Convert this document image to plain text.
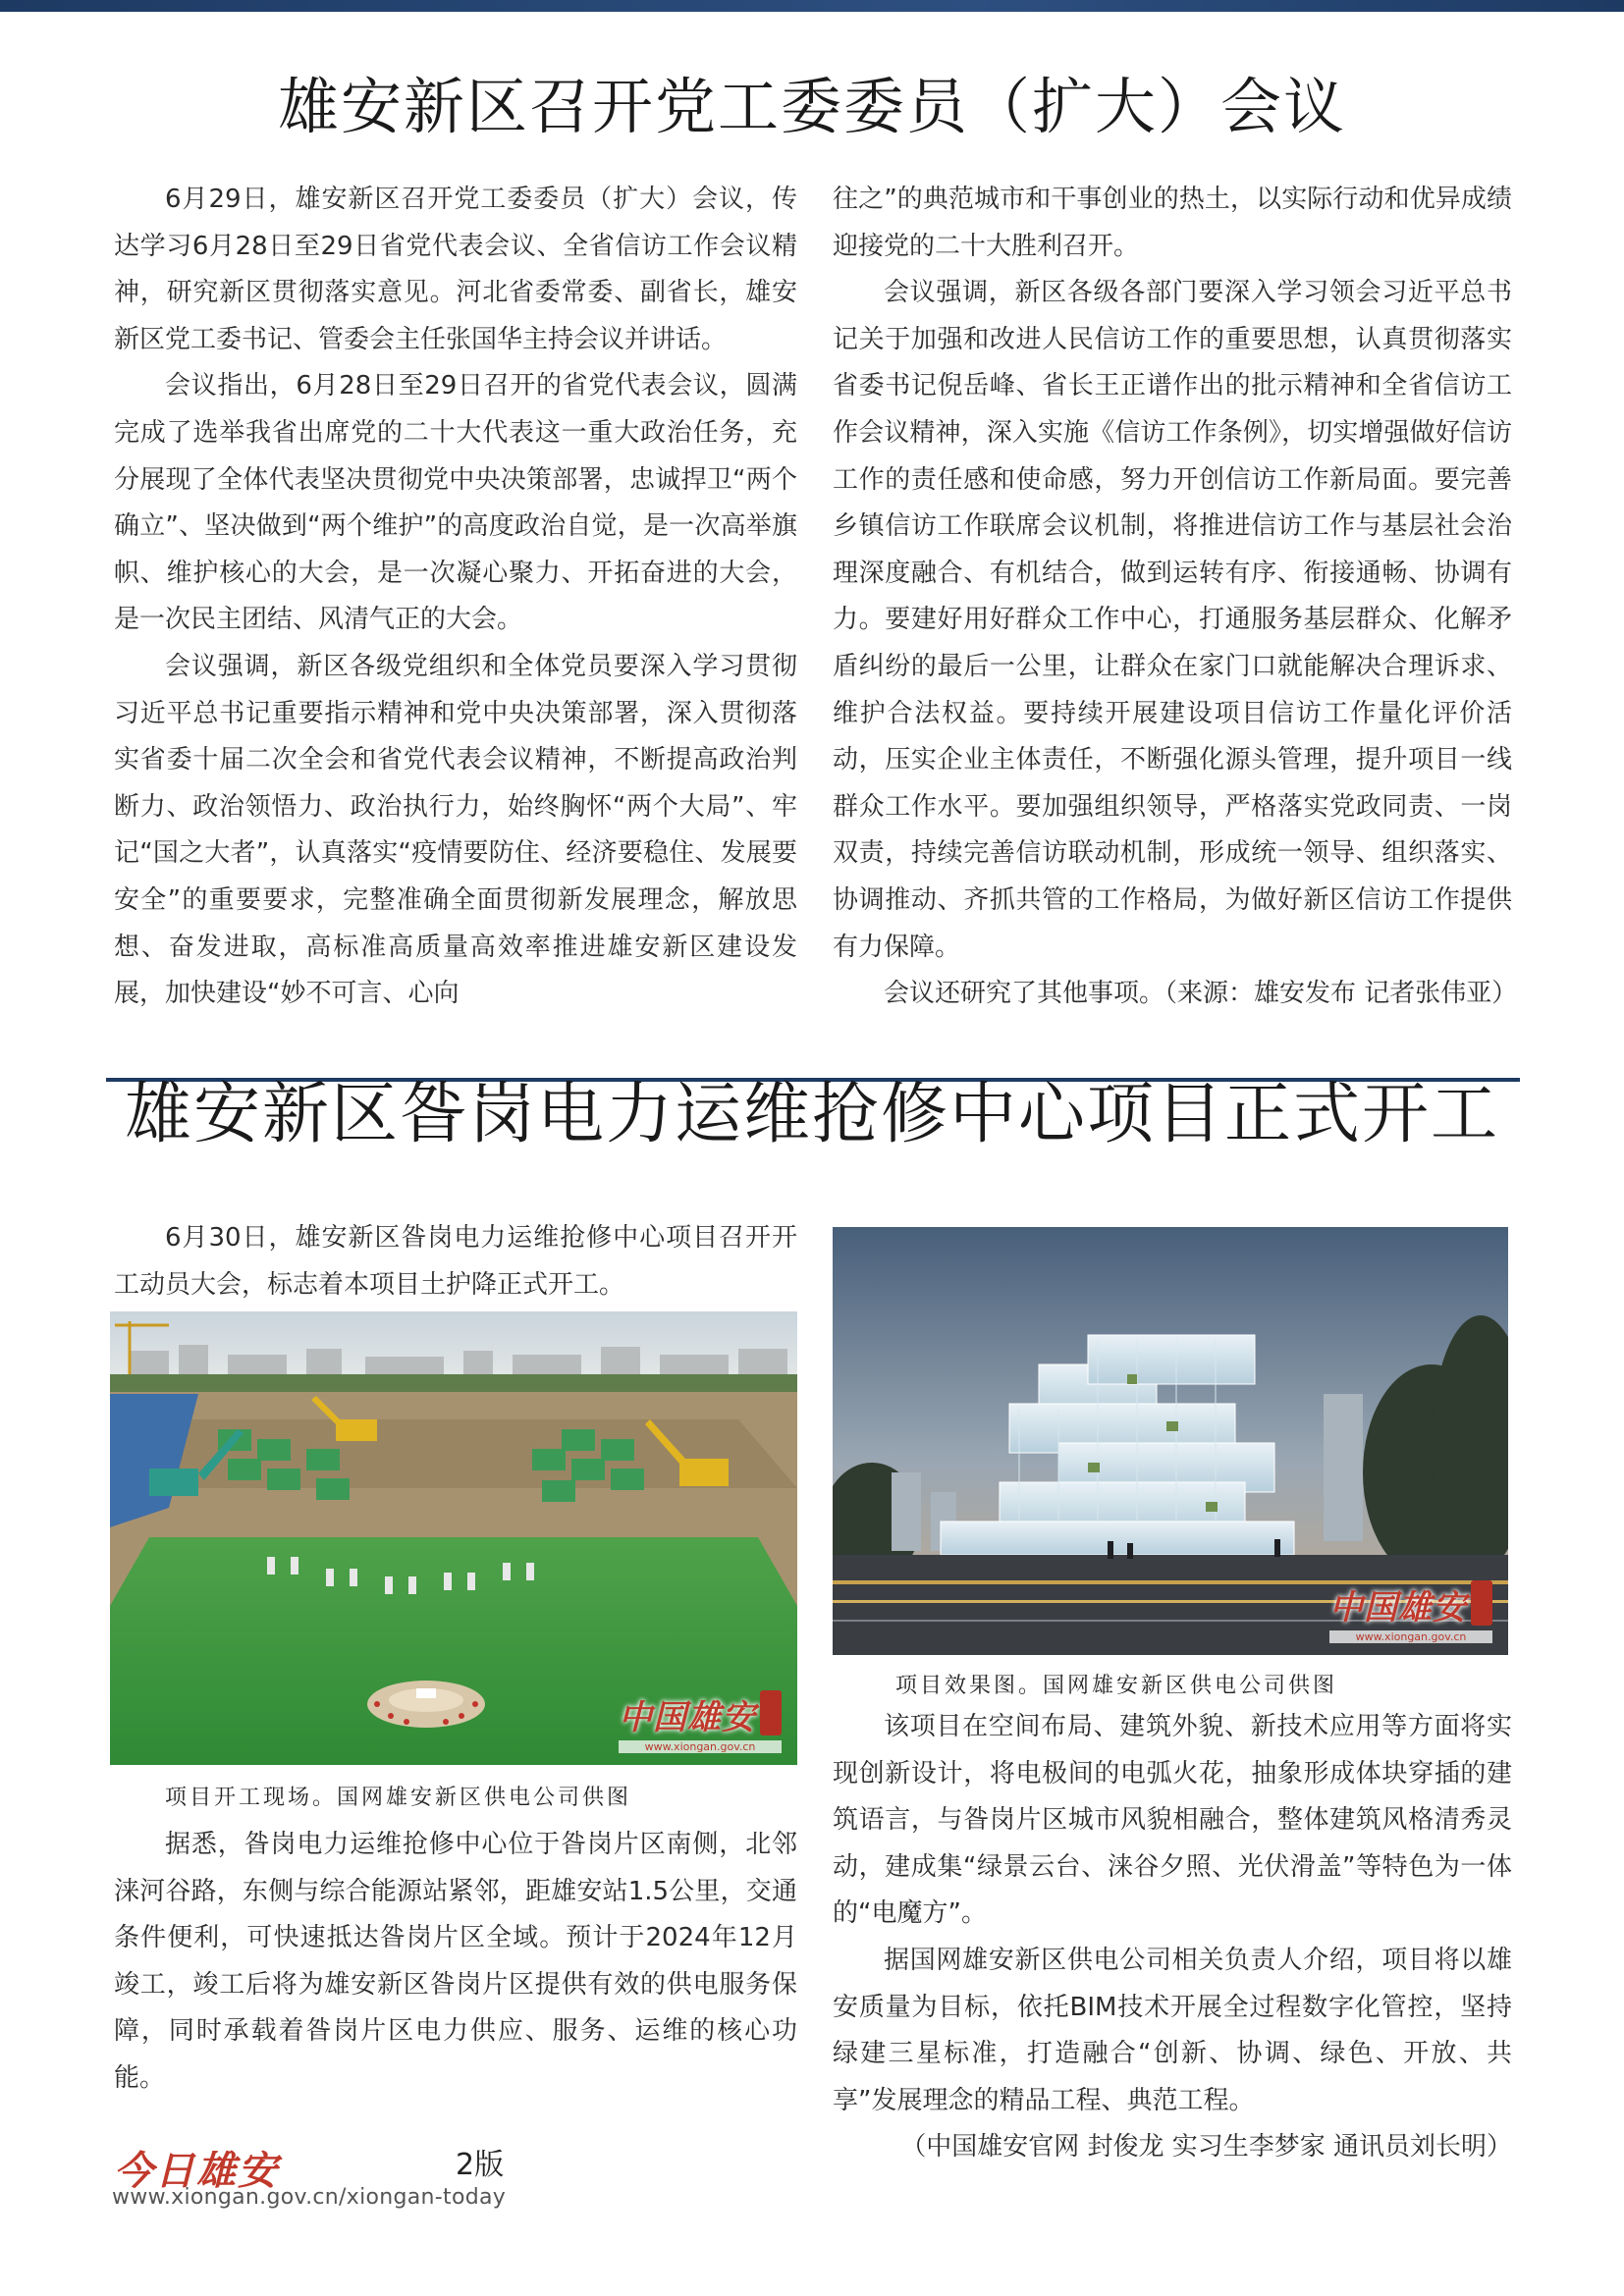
雄安新区召开党工委委员（扩大）会议

6月29日，雄安新区召开党工委委员（扩大）会议，传达学习6月28日至29日省党代表会议、全省信访工作会议精神，研究新区贯彻落实意见。河北省委常委、副省长，雄安新区党工委书记、管委会主任张国华主持会议并讲话。

会议指出，6月28日至29日召开的省党代表会议，圆满完成了选举我省出席党的二十大代表这一重大政治任务，充分展现了全体代表坚决贯彻党中央决策部署，忠诚捍卫“两个确立”、坚决做到“两个维护”的高度政治自觉，是一次高举旗帜、维护核心的大会，是一次凝心聚力、开拓奋进的大会，是一次民主团结、风清气正的大会。

会议强调，新区各级党组织和全体党员要深入学习贯彻习近平总书记重要指示精神和党中央决策部署，深入贯彻落实省委十届二次全会和省党代表会议精神，不断提高政治判断力、政治领悟力、政治执行力，始终胸怀“两个大局”、牢记“国之大者”，认真落实“疫情要防住、经济要稳住、发展要安全”的重要要求，完整准确全面贯彻新发展理念，解放思想、奋发进取，高标准高质量高效率推进雄安新区建设发展，加快建设“妙不可言、心向

往之”的典范城市和干事创业的热土，以实际行动和优异成绩迎接党的二十大胜利召开。

会议强调，新区各级各部门要深入学习领会习近平总书记关于加强和改进人民信访工作的重要思想，认真贯彻落实省委书记倪岳峰、省长王正谱作出的批示精神和全省信访工作会议精神，深入实施《信访工作条例》，切实增强做好信访工作的责任感和使命感，努力开创信访工作新局面。要完善乡镇信访工作联席会议机制，将推进信访工作与基层社会治理深度融合、有机结合，做到运转有序、衔接通畅、协调有力。要建好用好群众工作中心，打通服务基层群众、化解矛盾纠纷的最后一公里，让群众在家门口就能解决合理诉求、维护合法权益。要持续开展建设项目信访工作量化评价活动，压实企业主体责任，不断强化源头管理，提升项目一线群众工作水平。要加强组织领导，严格落实党政同责、一岗双责，持续完善信访联动机制，形成统一领导、组织落实、协调推动、齐抓共管的工作格局，为做好新区信访工作提供有力保障。

会议还研究了其他事项。（来源：雄安发布 记者张伟亚）

雄安新区昝岗电力运维抢修中心项目正式开工

6月30日，雄安新区昝岗电力运维抢修中心项目召开开工动员大会，标志着本项目土护降正式开工。

中国雄安
www.xiongan.gov.cn
项目开工现场。国网雄安新区供电公司供图
中国雄安
www.xiongan.gov.cn
项目效果图。国网雄安新区供电公司供图

据悉，昝岗电力运维抢修中心位于昝岗片区南侧，北邻涞河谷路，东侧与综合能源站紧邻，距雄安站1.5公里，交通条件便利，可快速抵达昝岗片区全域。预计于2024年12月竣工，竣工后将为雄安新区昝岗片区提供有效的供电服务保障，同时承载着昝岗片区电力供应、服务、运维的核心功能。

该项目在空间布局、建筑外貌、新技术应用等方面将实现创新设计，将电极间的电弧火花，抽象形成体块穿插的建筑语言，与昝岗片区城市风貌相融合，整体建筑风格清秀灵动，建成集“绿景云台、涞谷夕照、光伏滑盖”等特色为一体的“电魔方”。

据国网雄安新区供电公司相关负责人介绍，项目将以雄安质量为目标，依托BIM技术开展全过程数字化管控，坚持绿建三星标准，打造融合“创新、协调、绿色、开放、共享”发展理念的精品工程、典范工程。

（中国雄安官网 封俊龙 实习生李梦家 通讯员刘长明）

今日雄安	2版
www.xiongan.gov.cn/xiongan-today
